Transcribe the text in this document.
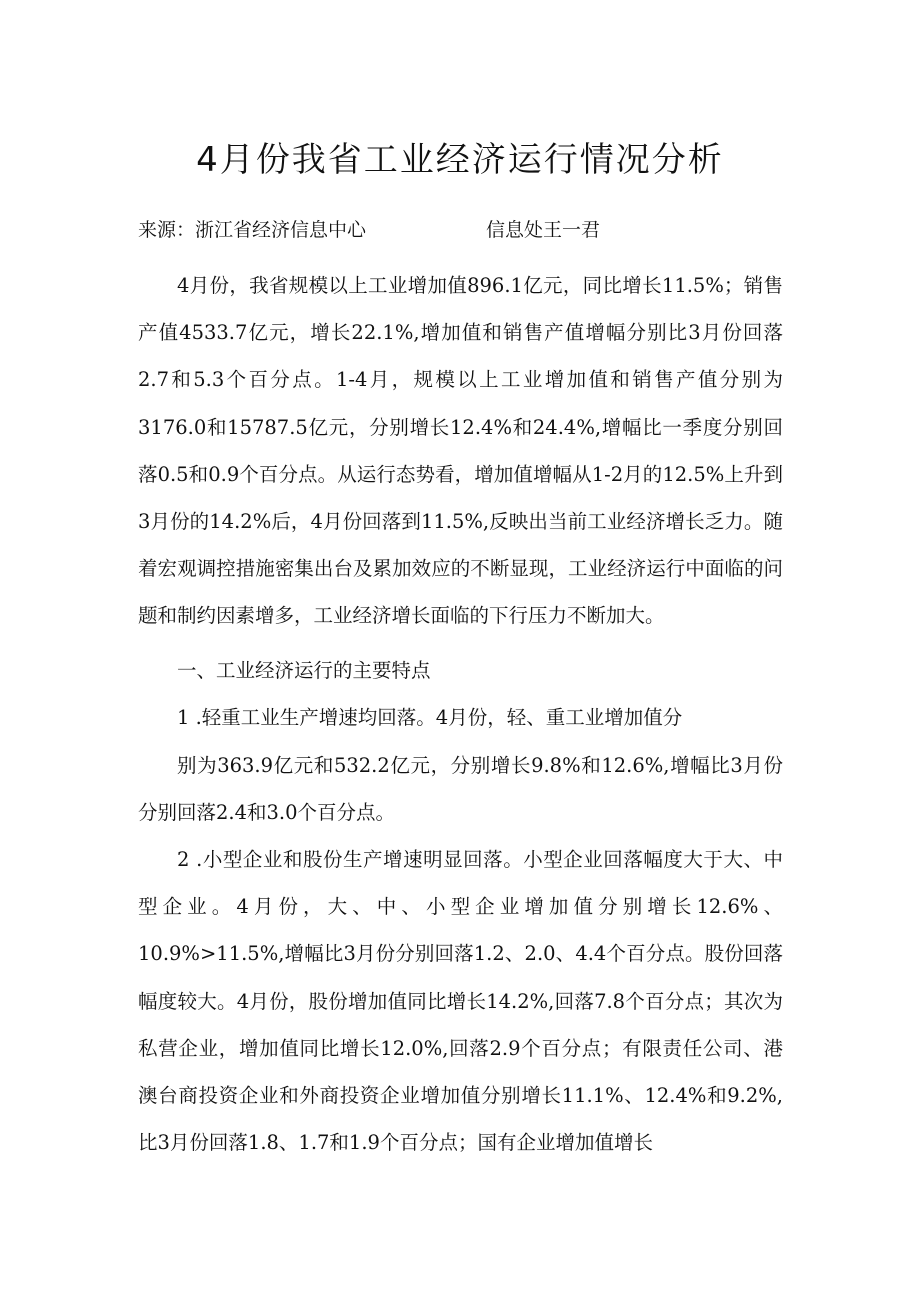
4月份我省工业经济运行情况分析
来源：浙江省经济信息中心	信息处王一君

4月份，我省规模以上工业增加值896.1亿元，同比增长11.5%；销售产值4533.7亿元，增长22.1%,增加值和销售产值增幅分别比3月份回落2.7和5.3个百分点。1-4月，规模以上工业增加值和销售产值分别为3176.0和15787.5亿元，分别增长12.4%和24.4%,增幅比一季度分别回落0.5和0.9个百分点。从运行态势看，增加值增幅从1-2月的12.5%上升到3月份的14.2%后，4月份回落到11.5%,反映出当前工业经济增长乏力。随着宏观调控措施密集出台及累加效应的不断显现，工业经济运行中面临的问题和制约因素增多，工业经济增长面临的下行压力不断加大。

一、工业经济运行的主要特点

1 .轻重工业生产增速均回落。4月份，轻、重工业增加值分

别为363.9亿元和532.2亿元，分别增长9.8%和12.6%,增幅比3月份分别回落2.4和3.0个百分点。

2 .小型企业和股份生产增速明显回落。小型企业回落幅度大于大、中型企业。4月份，大、中、小型企业增加值分别增长12.6%、10.9%>11.5%,增幅比3月份分别回落1.2、2.0、4.4个百分点。股份回落幅度较大。4月份，股份增加值同比增长14.2%,回落7.8个百分点；其次为私营企业，增加值同比增长12.0%,回落2.9个百分点；有限责任公司、港澳台商投资企业和外商投资企业增加值分别增长11.1%、12.4%和9.2%,比3月份回落1.8、1.7和1.9个百分点；国有企业增加值增长
